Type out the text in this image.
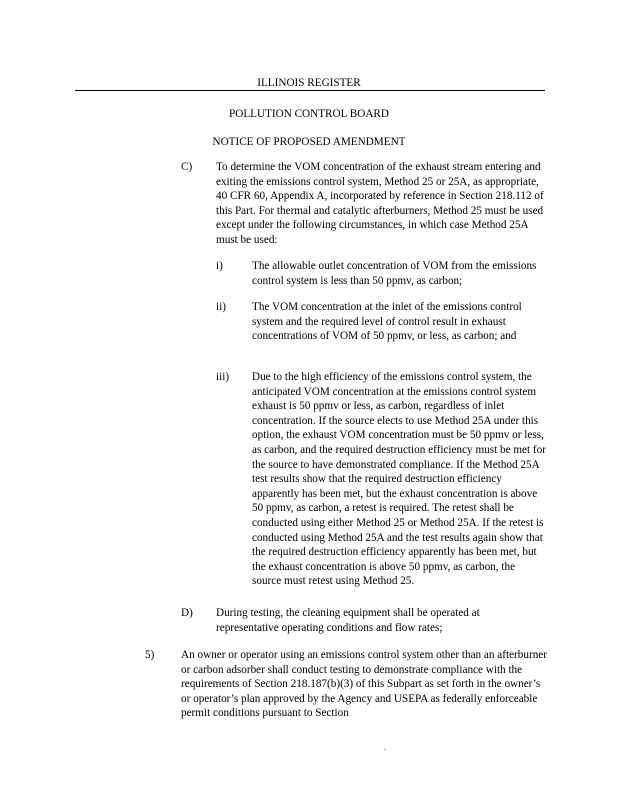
ILLINOIS REGISTER
POLLUTION CONTROL BOARD
NOTICE OF PROPOSED AMENDMENT
C) To determine the VOM concentration of the exhaust stream entering and exiting the emissions control system, Method 25 or 25A, as appropriate, 40 CFR 60, Appendix A, incorporated by reference in Section 218.112 of this Part. For thermal and catalytic afterburners, Method 25 must be used except under the following circumstances, in which case Method 25A must be used:
i)	The allowable outlet concentration of VOM from the emissions control system is less than 50 ppmv, as carbon;
ii) The VOM concentration at the inlet of the emissions control system and the required level of control result in exhaust concentrations of VOM of 50 ppmv, or less, as carbon; and
iii) Due to the high efficiency of the emissions control system, the anticipated VOM concentration at the emissions control system exhaust is 50 ppmv or less, as carbon, regardless of inlet concentration. If the source elects to use Method 25A under this option, the exhaust VOM concentration must be 50 ppmv or less, as carbon, and the required destruction efficiency must be met for the source to have demonstrated compliance. If the Method 25A test results show that the required destruction efficiency apparently has been met, but the exhaust concentration is above 50 ppmv, as carbon, a retest is required. The retest shall be conducted using either Method 25 or Method 25A. If the retest is conducted using Method 25A and the test results again show that the required destruction efficiency apparently has been met, but the exhaust concentration is above 50 ppmv, as carbon, the source must retest using Method 25.
D) During testing, the cleaning equipment shall be operated at representative operating conditions and flow rates;
5) An owner or operator using an emissions control system other than an afterburner or carbon adsorber shall conduct testing to demonstrate compliance with the requirements of Section 218.187(b)(3) of this Subpart as set forth in the owner’s or operator’s plan approved by the Agency and USEPA as federally enforceable permit conditions pursuant to Section
.
